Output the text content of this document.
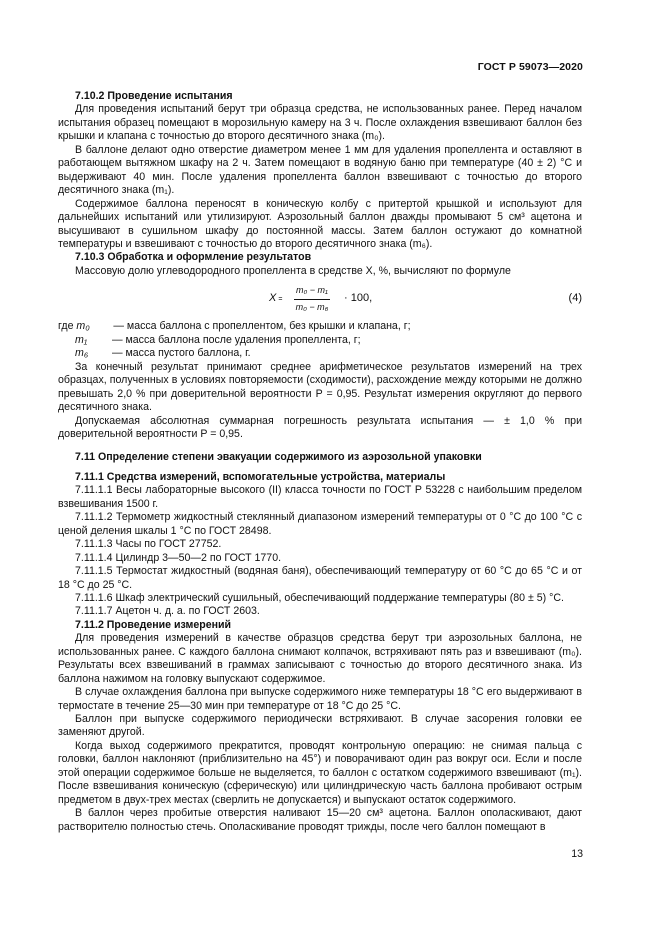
ГОСТ Р 59073—2020

7.10.2 Проведение испытания

Для проведения испытаний берут три образца средства, не использованных ранее. Перед началом испытания образец помещают в морозильную камеру на 3 ч. После охлаждения взвешивают баллон без крышки и клапана с точностью до второго десятичного знака (m₀).

В баллоне делают одно отверстие диаметром менее 1 мм для удаления пропеллента и оставляют в работающем вытяжном шкафу на 2 ч. Затем помещают в водяную баню при температуре (40 ± 2) °С и выдерживают 40 мин. После удаления пропеллента баллон взвешивают с точностью до второго десятичного знака (m₁).

Содержимое баллона переносят в коническую колбу с притертой крышкой и используют для дальнейших испытаний или утилизируют. Аэрозольный баллон дважды промывают 5 см³ ацетона и высушивают в сушильном шкафу до постоянной массы. Затем баллон остужают до комнатной температуры и взвешивают с точностью до второго десятичного знака (m₆).

7.10.3 Обработка и оформление результатов

Массовую долю углеводородного пропеллента в средстве X, %, вычисляют по формуле

$X = \frac{\text{m₀ − m₁}}{\text{m₀ − m₆}} \cdot 100$,	(4)

где m₀ — масса баллона с пропеллентом, без крышки и клапана, г;

m₁ — масса баллона после удаления пропеллента, г;

m₆ — масса пустого баллона, г.

За конечный результат принимают среднее арифметическое результатов измерений на трех образцах, полученных в условиях повторяемости (сходимости), расхождение между которыми не должно превышать 2,0 % при доверительной вероятности P = 0,95. Результат измерения округляют до первого десятичного знака.

Допускаемая абсолютная суммарная погрешность результата испытания — ± 1,0 % при доверительной вероятности P = 0,95.

7.11 Определение степени эвакуации содержимого из аэрозольной упаковки

7.11.1 Средства измерений, вспомогательные устройства, материалы

7.11.1.1 Весы лабораторные высокого (II) класса точности по ГОСТ Р 53228 с наибольшим пределом взвешивания 1500 г.

7.11.1.2 Термометр жидкостный стеклянный диапазоном измерений температуры от 0 °С до 100 °С с ценой деления шкалы 1 °С по ГОСТ 28498.

7.11.1.3 Часы по ГОСТ 27752.

7.11.1.4 Цилиндр 3—50—2 по ГОСТ 1770.

7.11.1.5 Термостат жидкостный (водяная баня), обеспечивающий температуру от 60 °С до 65 °С и от 18 °С до 25 °С.

7.11.1.6 Шкаф электрический сушильный, обеспечивающий поддержание температуры (80 ± 5) °С.

7.11.1.7 Ацетон ч. д. а. по ГОСТ 2603.

7.11.2 Проведение измерений

Для проведения измерений в качестве образцов средства берут три аэрозольных баллона, не использованных ранее. С каждого баллона снимают колпачок, встряхивают пять раз и взвешивают (m₀). Результаты всех взвешиваний в граммах записывают с точностью до второго десятичного знака. Из баллона нажимом на головку выпускают содержимое.

В случае охлаждения баллона при выпуске содержимого ниже температуры 18 °С его выдерживают в термостате в течение 25—30 мин при температуре от 18 °С до 25 °С.

Баллон при выпуске содержимого периодически встряхивают. В случае засорения головки ее заменяют другой.

Когда выход содержимого прекратится, проводят контрольную операцию: не снимая пальца с головки, баллон наклоняют (приблизительно на 45°) и поворачивают один раз вокруг оси. Если и после этой операции содержимое больше не выделяется, то баллон с остатком содержимого взвешивают (m₁). После взвешивания коническую (сферическую) или цилиндрическую часть баллона пробивают острым предметом в двух-трех местах (сверлить не допускается) и выпускают остаток содержимого.

В баллон через пробитые отверстия наливают 15—20 см³ ацетона. Баллон ополаскивают, дают растворителю полностью стечь. Ополаскивание проводят трижды, после чего баллон помещают в

13
